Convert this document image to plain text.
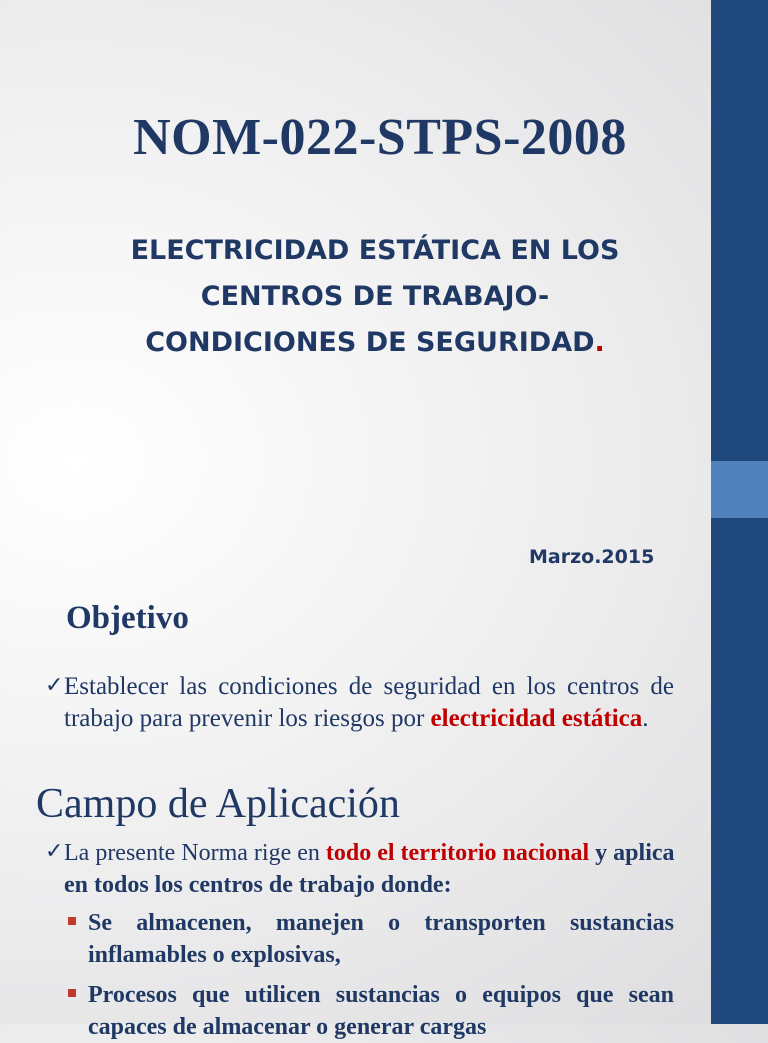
NOM-022-STPS-2008
ELECTRICIDAD ESTÁTICA EN LOS
CENTROS DE TRABAJO-
CONDICIONES DE SEGURIDAD.
Marzo.2015
Objetivo
✓ Establecer las condiciones de seguridad en los centros de trabajo para prevenir los riesgos por electricidad estática.
Campo de Aplicación
✓ La presente Norma rige en todo el territorio nacional y aplica en todos los centros de trabajo donde:
Se almacenen, manejen o transporten sustancias inflamables o explosivas,
Procesos que utilicen sustancias o equipos que sean capaces de almacenar o generar cargas
